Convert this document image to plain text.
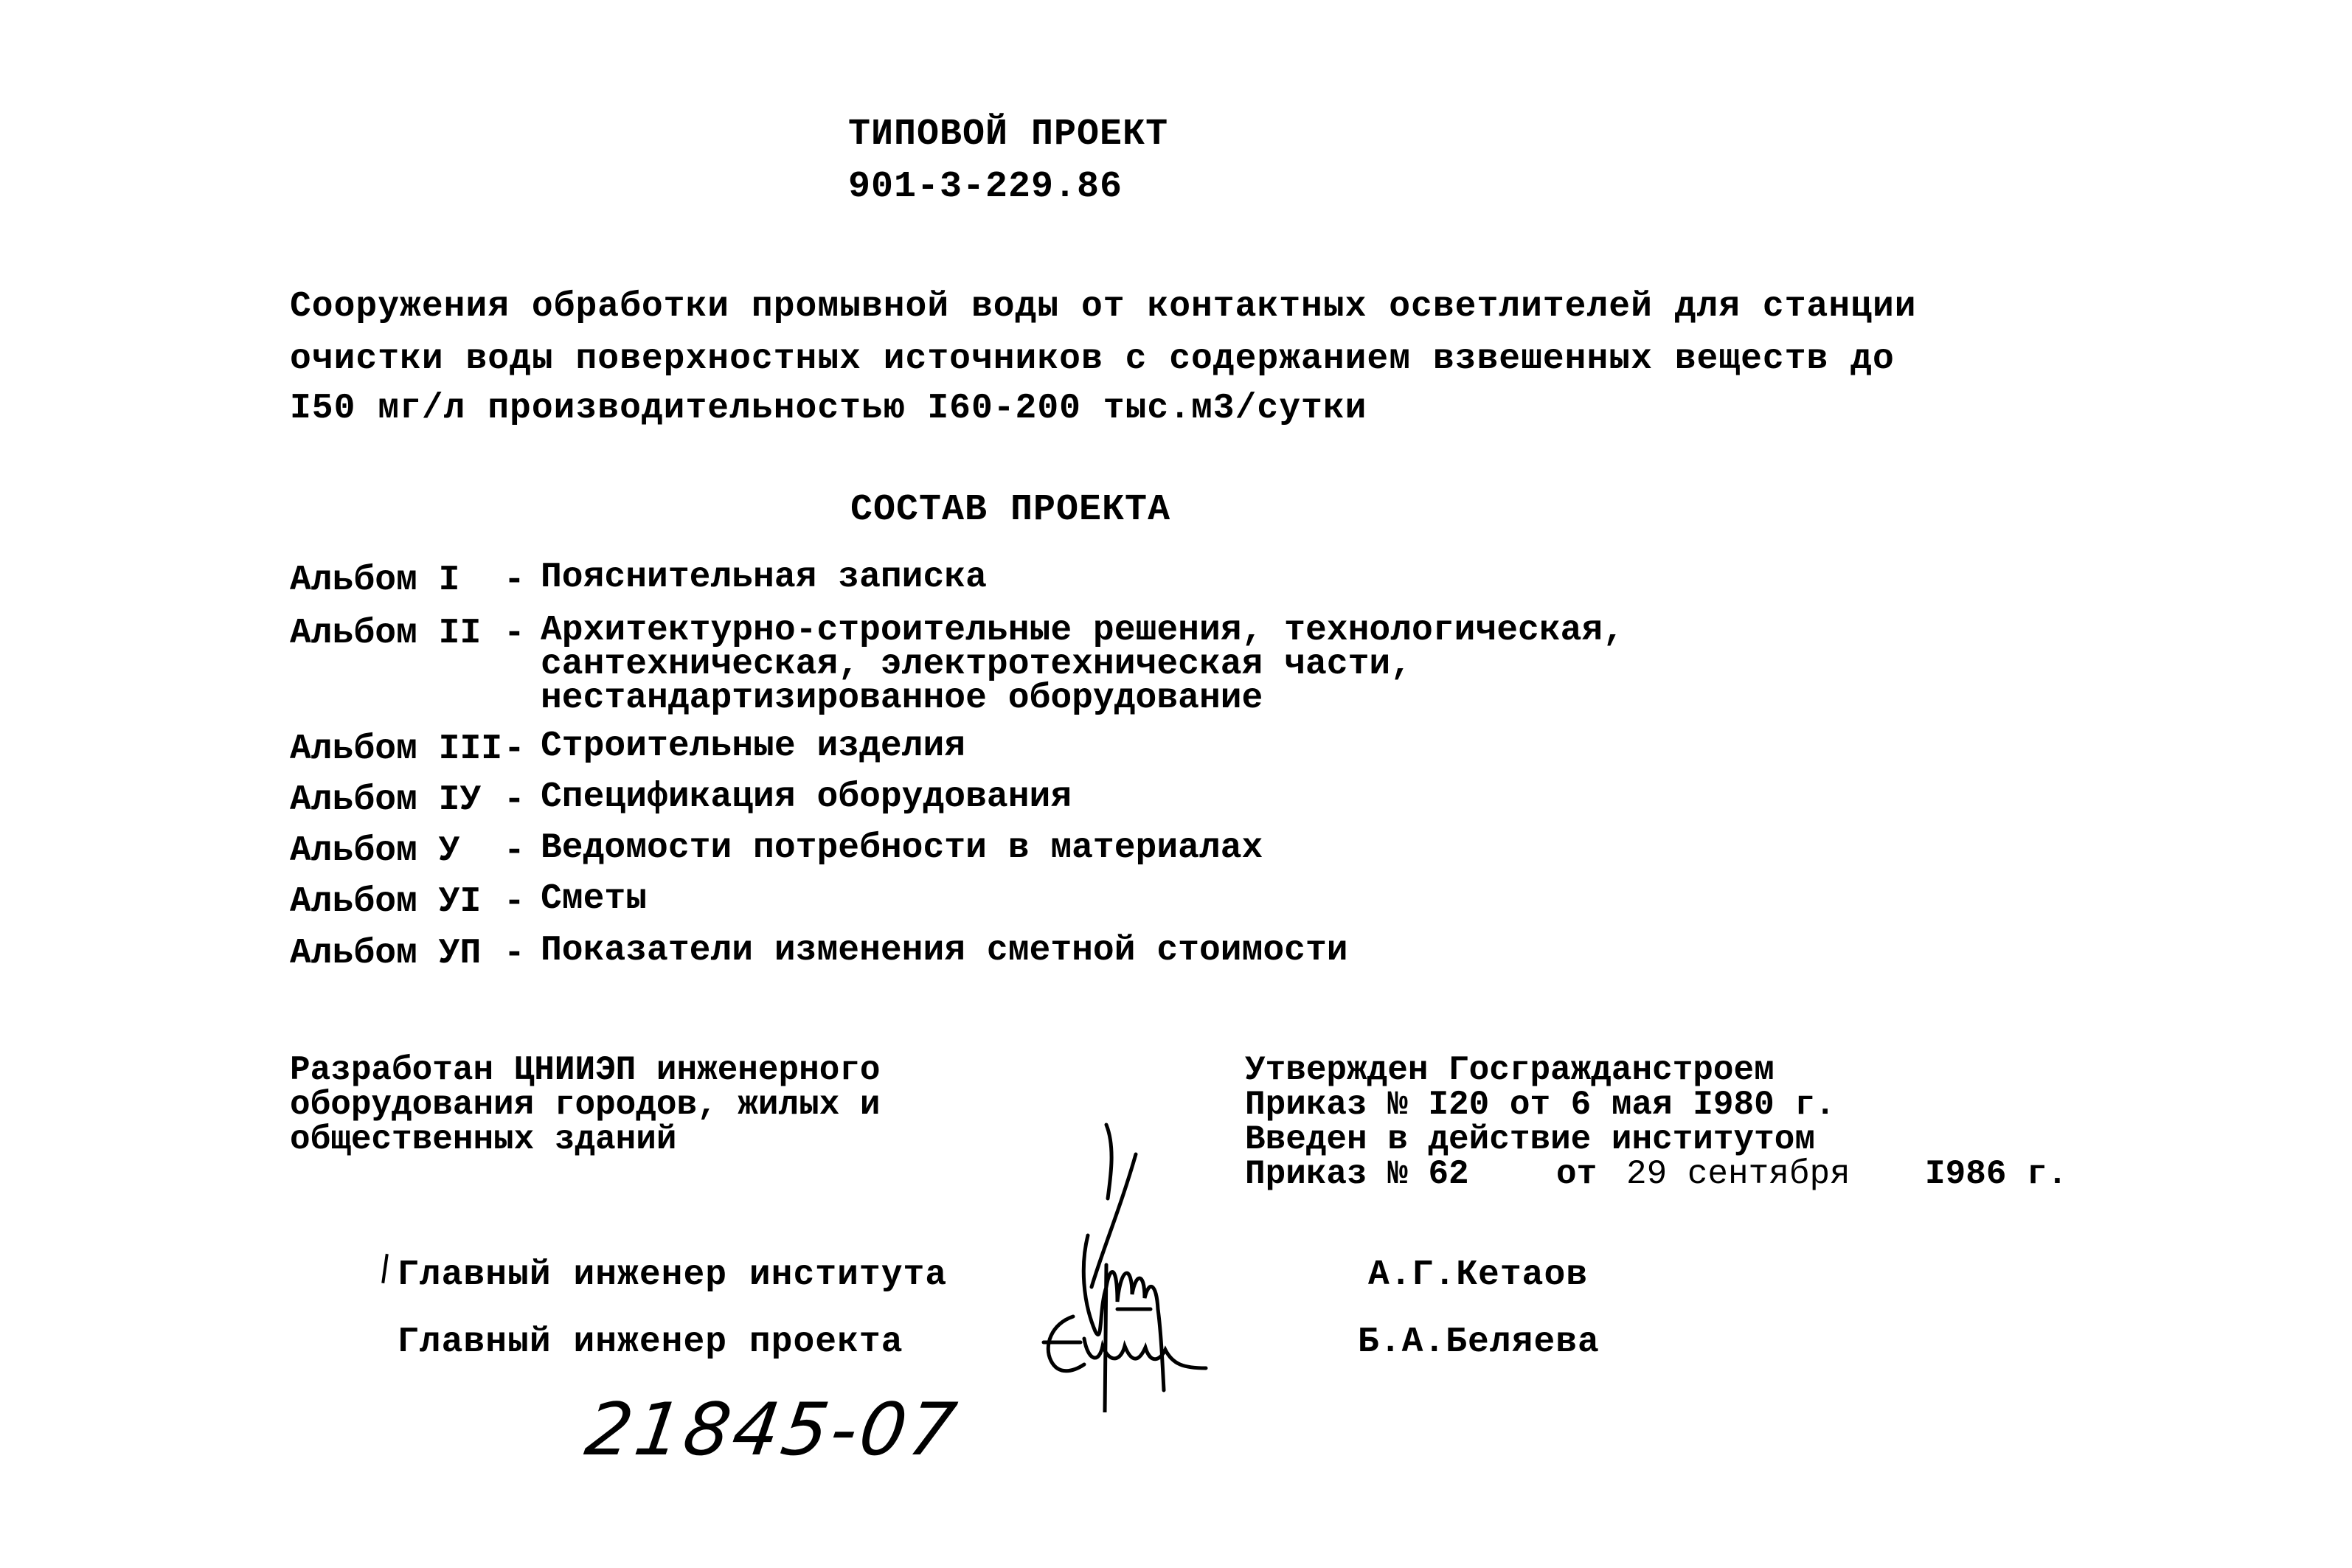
ТИПОВОЙ ПРОЕКТ
901-3-229.86
Сооружения обработки промывной воды от контактных осветлителей для станции
очистки воды поверхностных источников с содержанием взвешенных веществ до
I50 мг/л производительностью I60-200 тыс.м3/сутки
СОСТАВ ПРОЕКТА
Альбом I	- Пояснительная записка
Альбом II - Архитектурно-строительные решения, технологическая,
сантехническая, электротехническая части,
нестандартизированное оборудование
Альбом III - Строительные изделия
Альбом IУ - Спецификация оборудования
Альбом У	- Ведомости потребности в материалах
Альбом УI - Сметы
Альбом УП - Показатели изменения сметной стоимости
Разработан ЦНИИЭП инженерного
оборудования городов, жилых и
общественных зданий
Утвержден Госгражданстроем
Приказ № I20 от 6 мая I980 г.
Введен в действие институтом
Приказ № 62	от 29 сентября I986 г.
Главный инженер института	А.Г.Кетаов
Главный инженер проекта	Б.А.Беляева
21845-07
